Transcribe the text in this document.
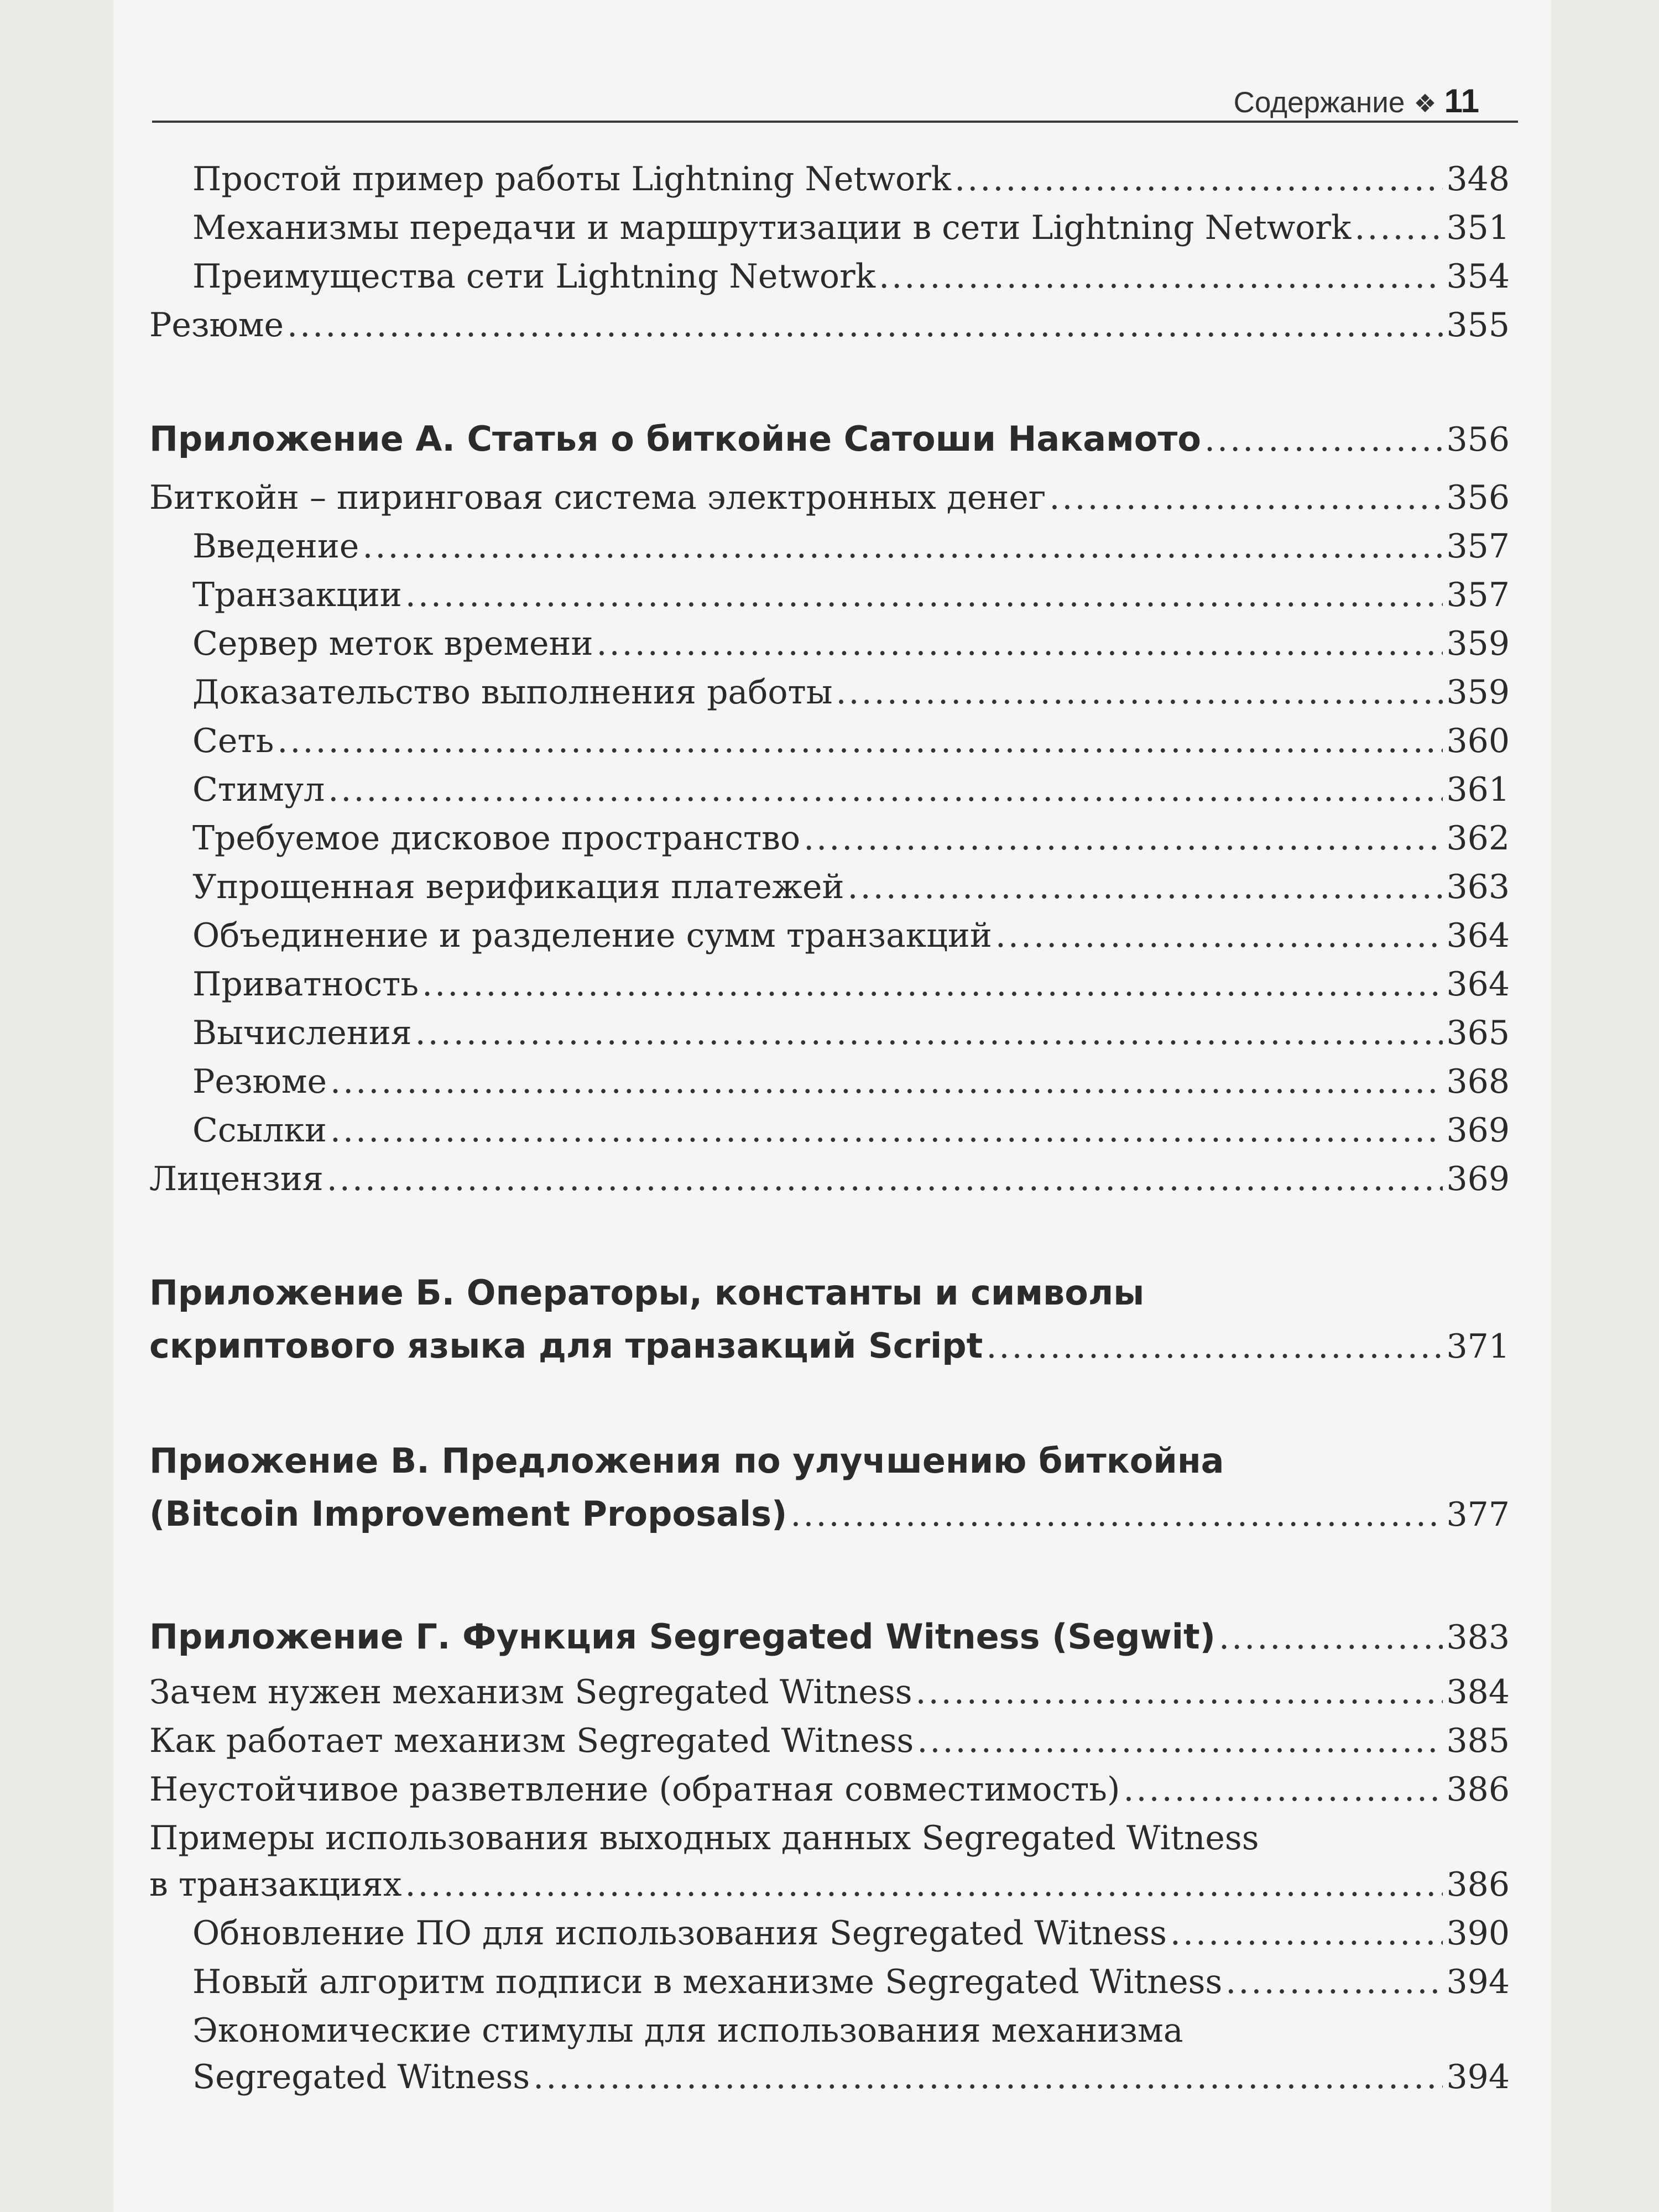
Содержание ❖ 11
Простой пример работы Lightning Network .....	348
Механизмы передачи и маршрутизации в сети Lightning Network .....	351
Преимущества сети Lightning Network .....	354
Резюме .....	355
Приложение А. Статья о биткойне Сатоши Накамото .....	356
Биткойн – пиринговая система электронных денег .....	356
Введение .....	357
Транзакции .....	357
Сервер меток времени .....	359
Доказательство выполнения работы .....	359
Сеть .....	360
Стимул .....	361
Требуемое дисковое пространство .....	362
Упрощенная верификация платежей .....	363
Объединение и разделение сумм транзакций .....	364
Приватность .....	364
Вычисления .....	365
Резюме .....	368
Ссылки .....	369
Лицензия .....	369
Приложение Б. Операторы, константы и символы
скриптового языка для транзакций Script .....	371
Приожение В. Предложения по улучшению биткойна
(Bitcoin Improvement Proposals) .....	377
Приложение Г. Функция Segregated Witness (Segwit) .....	383
Зачем нужен механизм Segregated Witness .....	384
Как работает механизм Segregated Witness .....	385
Неустойчивое разветвление (обратная совместимость) .....	386
Примеры использования выходных данных Segregated Witness
в транзакциях .....	386
Обновление ПО для использования Segregated Witness .....	390
Новый алгоритм подписи в механизме Segregated Witness .....	394
Экономические стимулы для использования механизма
Segregated Witness .....	394
